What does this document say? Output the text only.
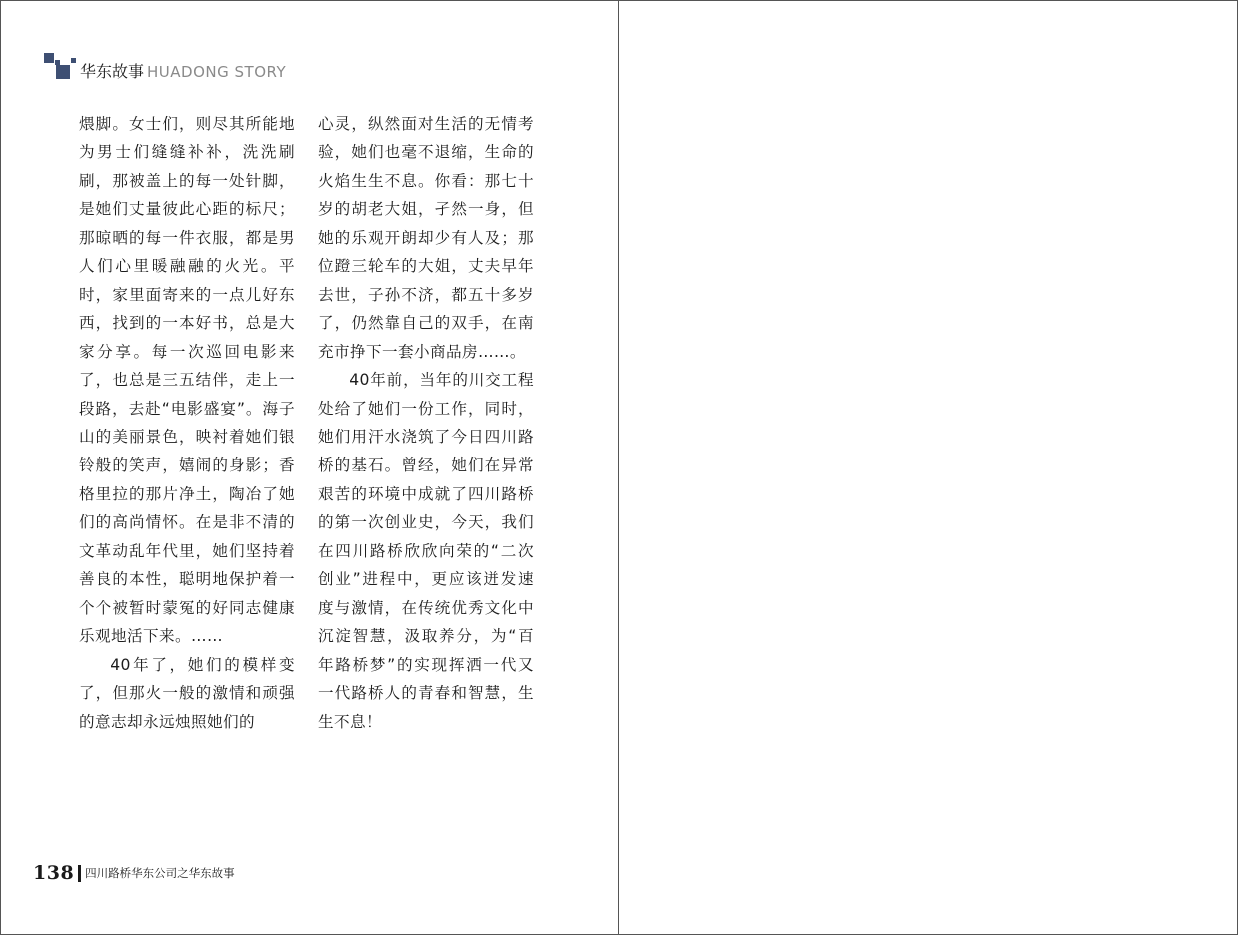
华东故事 HUADONG STORY

煨脚。女士们，则尽其所能地为男士们缝缝补补，洗洗刷刷，那被盖上的每一处针脚，是她们丈量彼此心距的标尺；那晾晒的每一件衣服，都是男人们心里暖融融的火光。平时，家里面寄来的一点儿好东西，找到的一本好书，总是大家分享。每一次巡回电影来了，也总是三五结伴，走上一段路，去赴“电影盛宴”。海子山的美丽景色，映衬着她们银铃般的笑声，嬉闹的身影；香格里拉的那片净土，陶冶了她们的高尚情怀。在是非不清的文革动乱年代里，她们坚持着善良的本性，聪明地保护着一个个被暂时蒙冤的好同志健康乐观地活下来。……

40年了，她们的模样变了，但那火一般的激情和顽强的意志却永远烛照她们的

心灵，纵然面对生活的无情考验，她们也毫不退缩，生命的火焰生生不息。你看：那七十岁的胡老大姐，孑然一身，但她的乐观开朗却少有人及；那位蹬三轮车的大姐，丈夫早年去世，子孙不济，都五十多岁了，仍然靠自己的双手，在南充市挣下一套小商品房……。

40年前，当年的川交工程处给了她们一份工作，同时，她们用汗水浇筑了今日四川路桥的基石。曾经，她们在异常艰苦的环境中成就了四川路桥的第一次创业史，今天，我们在四川路桥欣欣向荣的“二次创业”进程中，更应该迸发速度与激情，在传统优秀文化中沉淀智慧，汲取养分，为“百年路桥梦”的实现挥洒一代又一代路桥人的青春和智慧，生生不息！

138 四川路桥华东公司之华东故事
